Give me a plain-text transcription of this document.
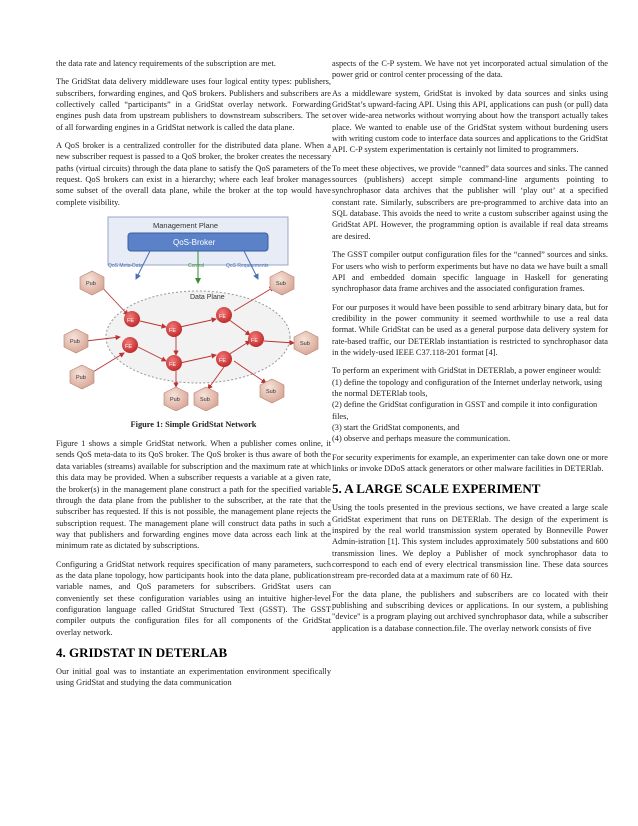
the data rate and latency requirements of the subscription are met.

The GridStat data delivery middleware uses four logical entity types: publishers, subscribers, forwarding engines, and QoS brokers. Publishers and subscribers are collectively called “participants” in a GridStat overlay network. Forwarding engines push data from upstream publishers to downstream subscribers. The set of all forwarding engines in a GridStat network is called the data plane.

A QoS broker is a centralized controller for the distributed data plane. When a new subscriber request is passed to a QoS broker, the broker creates the necessary paths (virtual circuits) through the data plane to satisfy the QoS parameters of the request. QoS brokers can exist in a hierarchy; where each leaf broker manages some subset of the overall data plane, while the broker at the top would have complete visibility.

Management Plane
QoS-Broker
QoS Meta-Data	Control	QoS Requirements
Data Plane
FE
FE
FE
FE
FE
FE
FE
Pub
Pub
Pub
Pub
Sub
Sub
Sub
Sub
Figure 1: Simple GridStat Network

Figure 1 shows a simple GridStat network. When a publisher comes online, it sends QoS meta-data to its QoS broker. The QoS broker is thus aware of both the data variables (streams) available for subscription and the maximum rate at which this data may be provided. When a subscriber requests a variable at a given rate, the broker(s) in the management plane construct a path for the specified variable through the data plane from the publisher to the subscriber, at the rate that the subscriber has requested. If this is not possible, the management plane rejects the subscription request. The management plane will construct data paths in such a way that publishers and forwarding engines move data across each link at the minimum rate as dictated by subscriptions.

Configuring a GridStat network requires specification of many parameters, such as the data plane topology, how participants hook into the data plane, publication variable names, and QoS parameters for subscribers. GridStat users can conveniently set these configuration variables using an intuitive higher-level configuration language called GridStat Structured Text (GSST). The GSST compiler outputs the configuration files for all components of the GridStat overlay network.

4. GRIDSTAT IN DETERLAB

Our initial goal was to instantiate an experimentation environment specifically using GridStat and studying the data communication

aspects of the C-P system. We have not yet incorporated actual simulation of the power grid or control center processing of the data.

As a middleware system, GridStat is invoked by data sources and sinks using GridStat’s upward-facing API. Using this API, applications can push (or pull) data over wide-area networks without worrying about how the transport actually takes place. We wanted to enable use of the GridStat system without burdening users with writing custom code to interface data sources and applications to the GridStat API. C-P system experimentation is certainly not limited to programmers.

To meet these objectives, we provide “canned” data sources and sinks. The canned sources (publishers) accept simple command-line arguments pointing to synchrophasor data archives that the publisher will ‘play out’ at a specified constant rate. Similarly, subscribers are pre-programmed to archive data into an SQL database. This avoids the need to write a custom subscriber against using the GridStat API. However, the programming option is available if real data streams are desired.

The GSST compiler output configuration files for the “canned” sources and sinks. For users who wish to perform experiments but have no data we have built a small API and embedded domain specific language in Haskell for generating synchrophasor data frame archives and the associated configuration frames.

For our purposes it would have been possible to send arbitrary binary data, but for credibility in the power community it seemed worthwhile to use a real data format. While GridStat can be used as a general purpose data delivery system for rate-based traffic, our DETERlab instantiation is restricted to synchrophasor data in the widely-used IEEE C37.118-201 format [4].

To perform an experiment with GridStat in DETERlab, a power engineer would:

(1) define the topology and configuration of the Internet underlay network, using the normal DETERlab tools,

(2) define the GridStat configuration in GSST and compile it into configuration files,

(3) start the GridStat components, and

(4) observe and perhaps measure the communication.

For security experiments for example, an experimenter can take down one or more links or invoke DDoS attack generators or other malware facilities in DETERlab.

5. A LARGE SCALE EXPERIMENT

Using the tools presented in the previous sections, we have created a large scale GridStat experiment that runs on DETERlab. The design of the experiment is inspired by the real world transmission system operated by Bonneville Power Admin-istration [1]. This system includes approximately 500 substations and 600 transmission lines. We deploy a Publisher of mock synchrophasor data to correspond to each end of every electrical transmission line. These data sources stream pre-recorded data at a maximum rate of 60 Hz.

For the data plane, the publishers and subscribers are co located with their publishing and subscribing devices or applications. In our system, a publishing "device" is a program playing out archived synchrophasor data, while a subscriber application is a database connection.file. The overlay network consists of five
